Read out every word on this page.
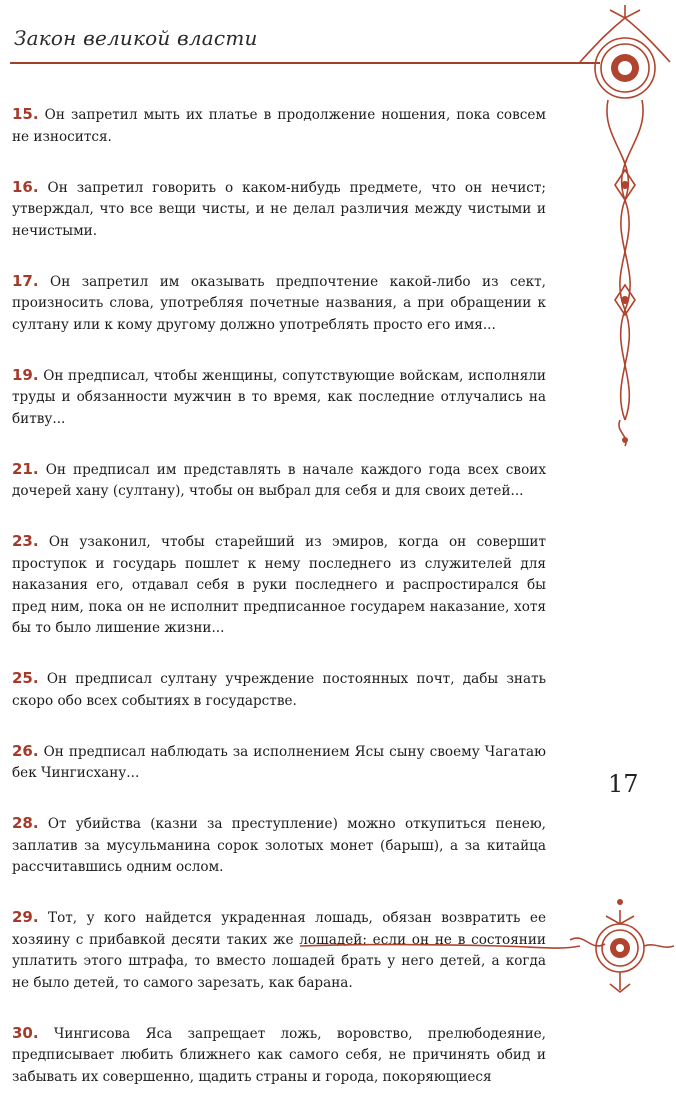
Закон великой власти

15. Он запретил мыть их платье в продолжение ношения, пока совсем не износится.

16. Он запретил говорить о каком-нибудь предмете, что он нечист; утверждал, что все вещи чисты, и не делал различия между чистыми и нечистыми.

17. Он запретил им оказывать предпочтение какой-либо из сект, произносить слова, употребляя почетные названия, а при обращении к султану или к кому другому должно употреблять просто его имя...

19. Он предписал, чтобы женщины, сопутствующие войскам, исполняли труды и обязанности мужчин в то время, как последние отлучались на битву...

21. Он предписал им представлять в начале каждого года всех своих дочерей хану (султану), чтобы он выбрал для себя и для своих детей...

23. Он узаконил, чтобы старейший из эмиров, когда он совершит проступок и государь пошлет к нему последнего из служителей для наказания его, отдавал себя в руки последнего и распростирался бы пред ним, пока он не исполнит предписанное государем наказание, хотя бы то было лишение жизни...

25. Он предписал султану учреждение постоянных почт, дабы знать скоро обо всех событиях в государстве.

26. Он предписал наблюдать за исполнением Ясы сыну своему Чагатаю бек Чингисхану...

28. От убийства (казни за преступление) можно откупиться пенею, заплатив за мусульманина сорок золотых монет (барыш), а за китайца рассчитавшись одним ослом.

29. Тот, у кого найдется украденная лошадь, обязан возвратить ее хозяину с прибавкой десяти таких же лошадей; если он не в состоянии уплатить этого штрафа, то вместо лошадей брать у него детей, а когда не было детей, то самого зарезать, как барана.

30. Чингисова Яса запрещает ложь, воровство, прелюбодеяние, предписывает любить ближнего как самого себя, не причинять обид и забывать их совершенно, щадить страны и города, покоряющиеся

17
